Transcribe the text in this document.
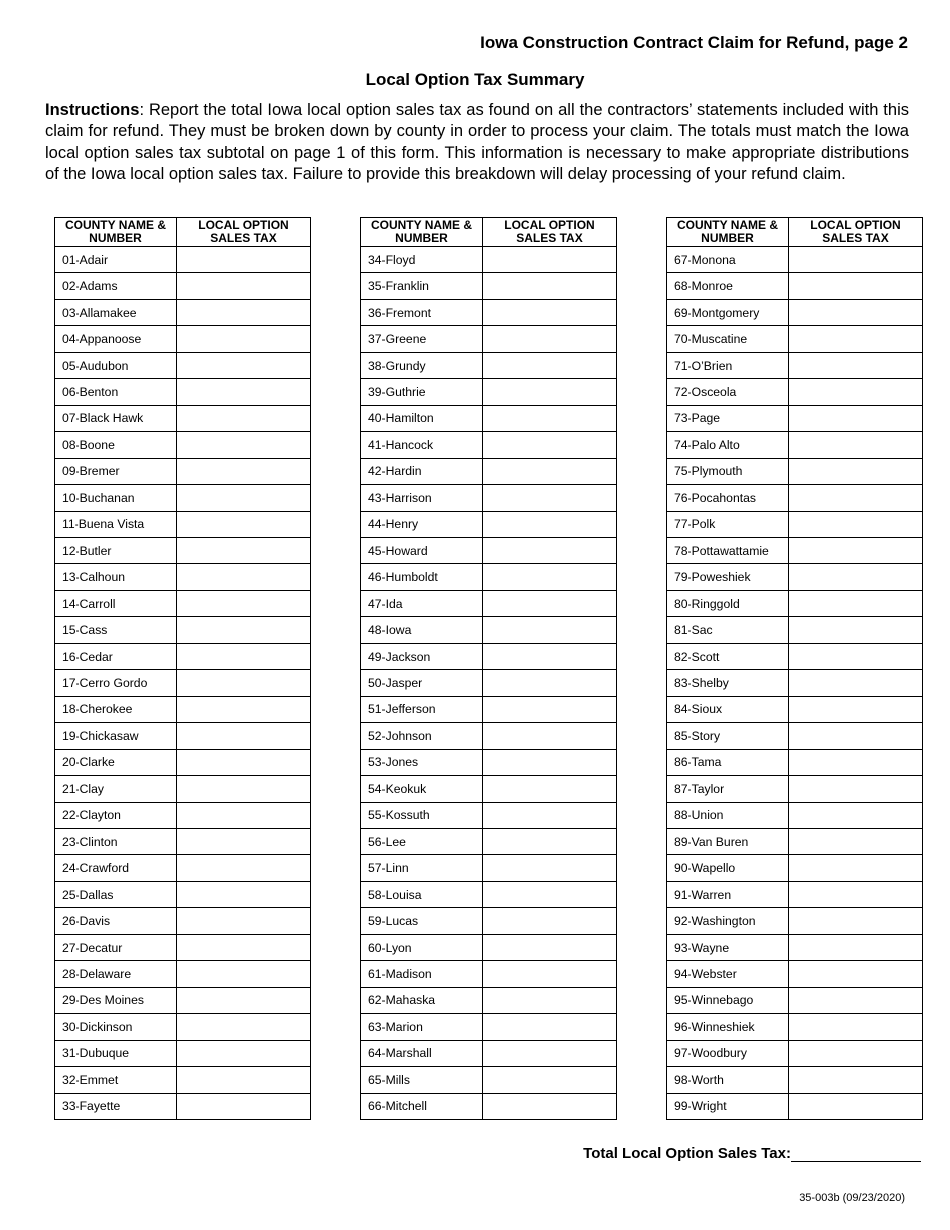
Iowa Construction Contract Claim for Refund, page 2
Local Option Tax Summary

Instructions: Report the total Iowa local option sales tax as found on all the contractors’ statements included with this claim for refund. They must be broken down by county in order to process your claim. The totals must match the Iowa local option sales tax subtotal on page 1 of this form. This information is necessary to make appropriate distributions of the Iowa local option sales tax. Failure to provide this breakdown will delay processing of your refund claim.

COUNTY NAME & NUMBER	LOCAL OPTION SALES TAX
01-Adair	
02-Adams	
03-Allamakee	
04-Appanoose	
05-Audubon	
06-Benton	
07-Black Hawk	
08-Boone	
09-Bremer	
10-Buchanan	
11-Buena Vista	
12-Butler	
13-Calhoun	
14-Carroll	
15-Cass	
16-Cedar	
17-Cerro Gordo	
18-Cherokee	
19-Chickasaw	
20-Clarke	
21-Clay	
22-Clayton	
23-Clinton	
24-Crawford	
25-Dallas	
26-Davis	
27-Decatur	
28-Delaware	
29-Des Moines	
30-Dickinson	
31-Dubuque	
32-Emmet	
33-Fayette	
COUNTY NAME & NUMBER	LOCAL OPTION SALES TAX
34-Floyd	
35-Franklin	
36-Fremont	
37-Greene	
38-Grundy	
39-Guthrie	
40-Hamilton	
41-Hancock	
42-Hardin	
43-Harrison	
44-Henry	
45-Howard	
46-Humboldt	
47-Ida	
48-Iowa	
49-Jackson	
50-Jasper	
51-Jefferson	
52-Johnson	
53-Jones	
54-Keokuk	
55-Kossuth	
56-Lee	
57-Linn	
58-Louisa	
59-Lucas	
60-Lyon	
61-Madison	
62-Mahaska	
63-Marion	
64-Marshall	
65-Mills	
66-Mitchell	
COUNTY NAME & NUMBER	LOCAL OPTION SALES TAX
67-Monona	
68-Monroe	
69-Montgomery	
70-Muscatine	
71-O’Brien	
72-Osceola	
73-Page	
74-Palo Alto	
75-Plymouth	
76-Pocahontas	
77-Polk	
78-Pottawattamie	
79-Poweshiek	
80-Ringgold	
81-Sac	
82-Scott	
83-Shelby	
84-Sioux	
85-Story	
86-Tama	
87-Taylor	
88-Union	
89-Van Buren	
90-Wapello	
91-Warren	
92-Washington	
93-Wayne	
94-Webster	
95-Winnebago	
96-Winneshiek	
97-Woodbury	
98-Worth	
99-Wright	
Total Local Option Sales Tax:
35-003b (09/23/2020)
